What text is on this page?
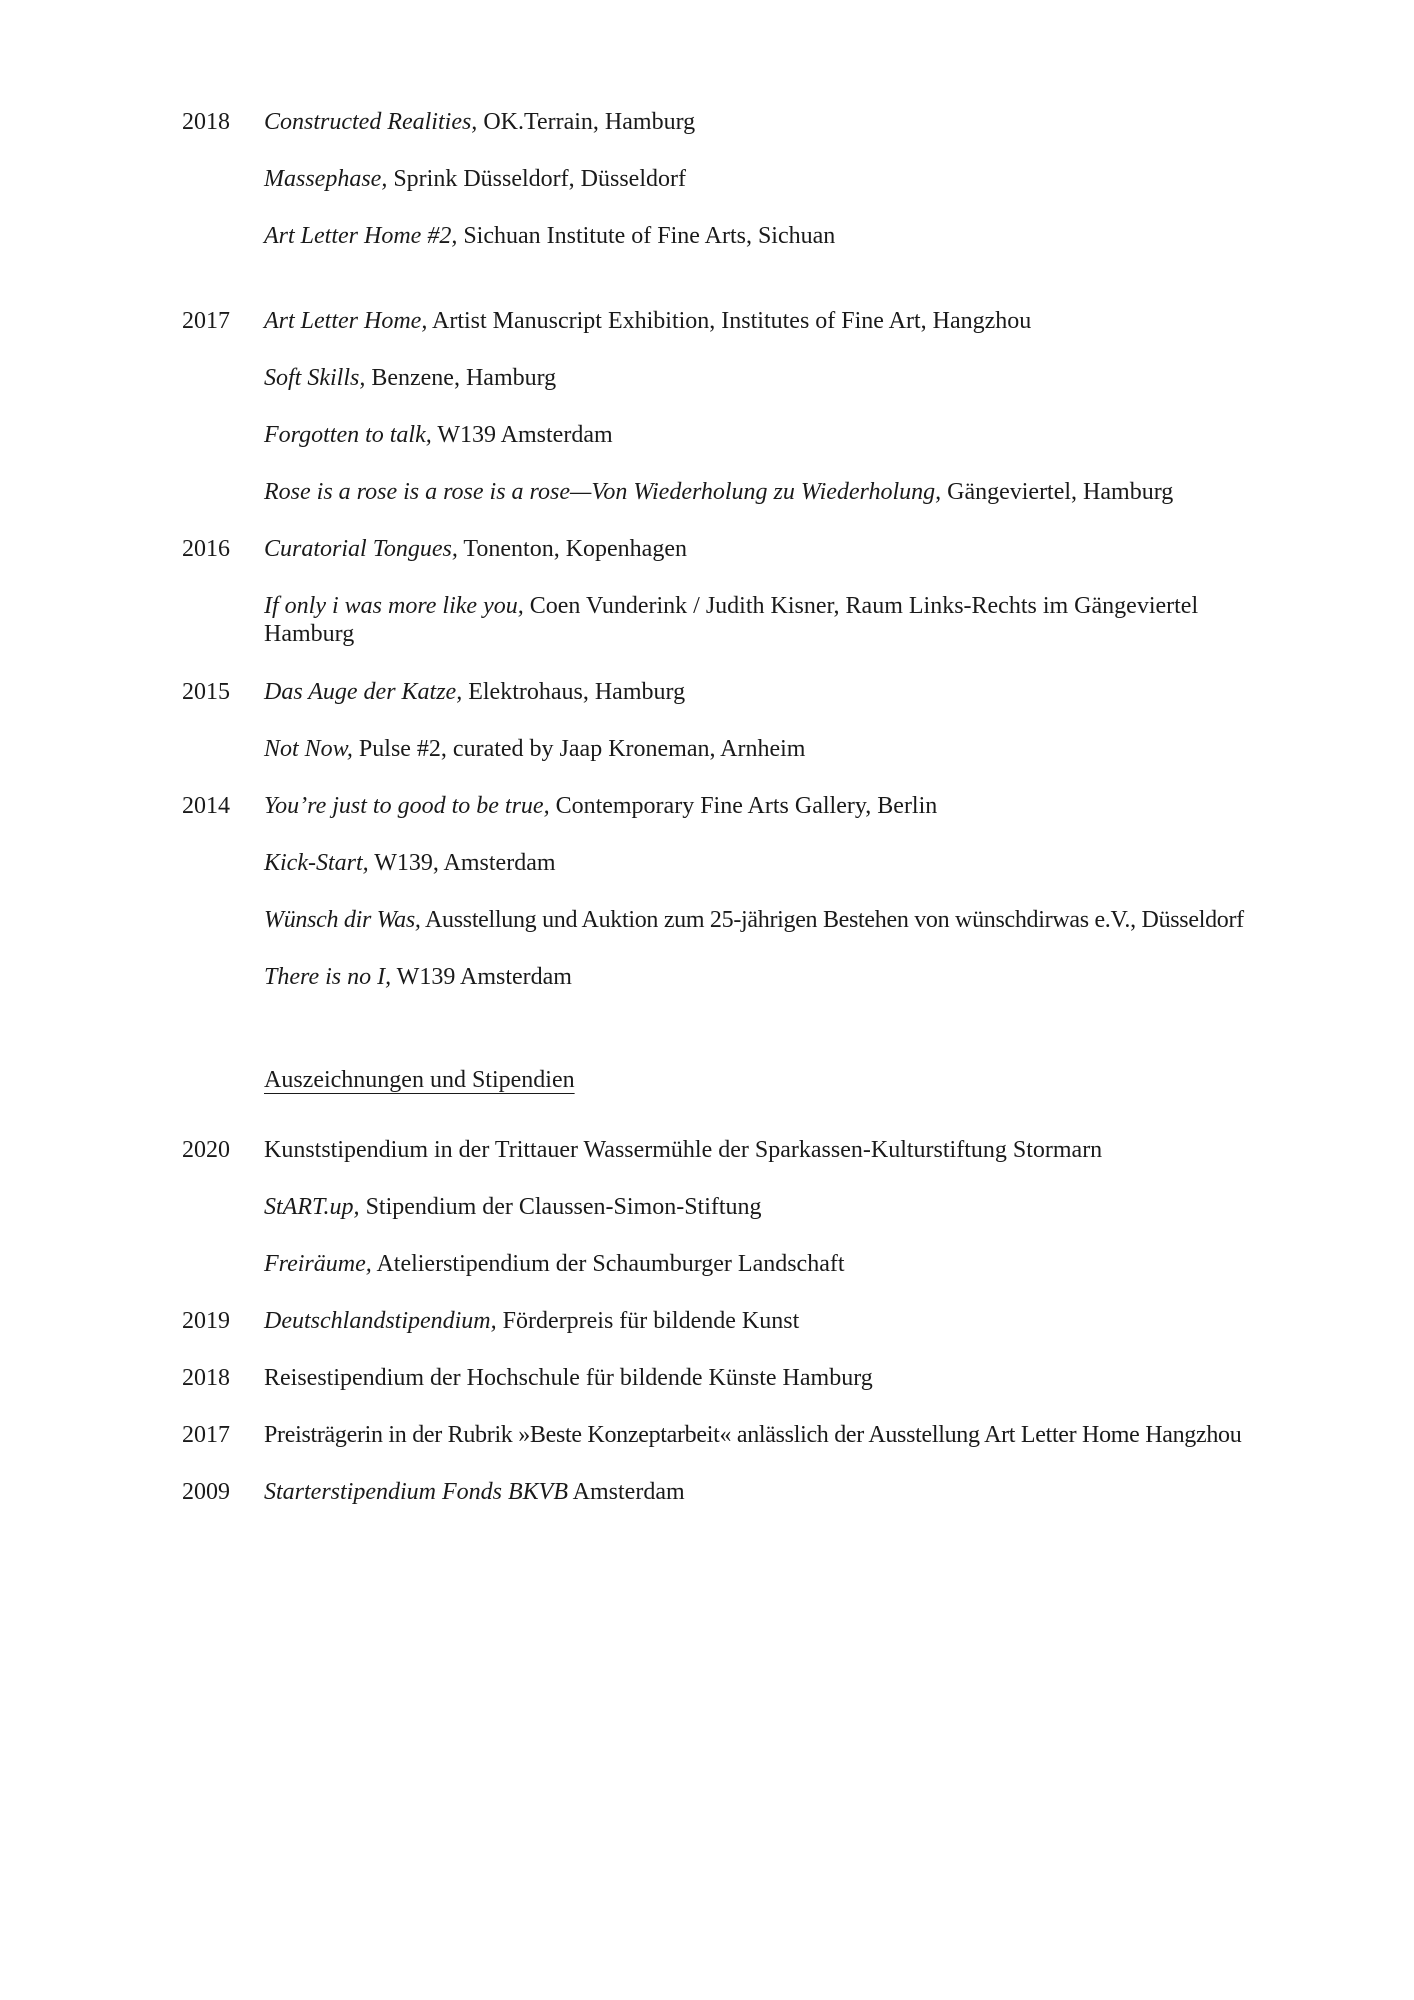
2018 Constructed Realities, OK.Terrain, Hamburg
Massephase, Sprink Düsseldorf, Düsseldorf
Art Letter Home #2, Sichuan Institute of Fine Arts, Sichuan
2017 Art Letter Home, Artist Manuscript Exhibition, Institutes of Fine Art, Hangzhou
Soft Skills, Benzene, Hamburg
Forgotten to talk, W139 Amsterdam
Rose is a rose is a rose is a rose—Von Wiederholung zu Wiederholung, Gängeviertel, Hamburg
2016 Curatorial Tongues, Tonenton, Kopenhagen
If only i was more like you, Coen Vunderink / Judith Kisner, Raum Links-Rechts im Gängeviertel Hamburg
2015 Das Auge der Katze, Elektrohaus, Hamburg
Not Now, Pulse #2, curated by Jaap Kroneman, Arnheim
2014 You’re just to good to be true, Contemporary Fine Arts Gallery, Berlin
Kick-Start, W139, Amsterdam
Wünsch dir Was, Ausstellung und Auktion zum 25-jährigen Bestehen von wünschdirwas e.V., Düsseldorf
There is no I, W139 Amsterdam
Auszeichnungen und Stipendien
2020 Kunststipendium in der Trittauer Wassermühle der Sparkassen-Kulturstiftung Stormarn
StART.up, Stipendium der Claussen-Simon-Stiftung
Freiräume, Atelierstipendium der Schaumburger Landschaft
2019 Deutschlandstipendium, Förderpreis für bildende Kunst
2018 Reisestipendium der Hochschule für bildende Künste Hamburg
2017 Preisträgerin in der Rubrik »Beste Konzeptarbeit« anlässlich der Ausstellung Art Letter Home Hangzhou
2009 Starterstipendium Fonds BKVB Amsterdam
